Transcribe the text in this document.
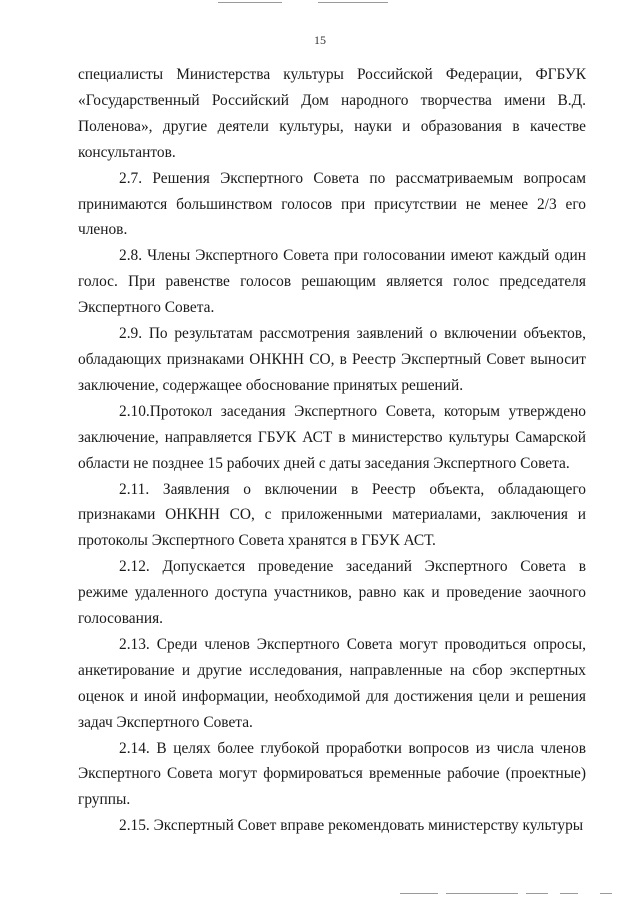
15

специалисты Министерства культуры Российской Федерации, ФГБУК «Государственный Российский Дом народного творчества имени В.Д. Поленова», другие деятели культуры, науки и образования в качестве консультантов.

2.7. Решения Экспертного Совета по рассматриваемым вопросам принимаются большинством голосов при присутствии не менее 2/3 его членов.

2.8. Члены Экспертного Совета при голосовании имеют каждый один голос. При равенстве голосов решающим является голос председателя Экспертного Совета.

2.9. По результатам рассмотрения заявлений о включении объектов, обладающих признаками ОНКНН СО, в Реестр Экспертный Совет выносит заключение, содержащее обоснование принятых решений.

2.10.Протокол заседания Экспертного Совета, которым утверждено заключение, направляется ГБУК АСТ в министерство культуры Самарской области не позднее 15 рабочих дней с даты заседания Экспертного Совета.

2.11. Заявления о включении в Реестр объекта, обладающего признаками ОНКНН СО, с приложенными материалами, заключения и протоколы Экспертного Совета хранятся в ГБУК АСТ.

2.12. Допускается проведение заседаний Экспертного Совета в режиме удаленного доступа участников, равно как и проведение заочного голосования.

2.13. Среди членов Экспертного Совета могут проводиться опросы, анкетирование и другие исследования, направленные на сбор экспертных оценок и иной информации, необходимой для достижения цели и решения задач Экспертного Совета.

2.14. В целях более глубокой проработки вопросов из числа членов Экспертного Совета могут формироваться временные рабочие (проектные) группы.

2.15. Экспертный Совет вправе рекомендовать министерству культуры
